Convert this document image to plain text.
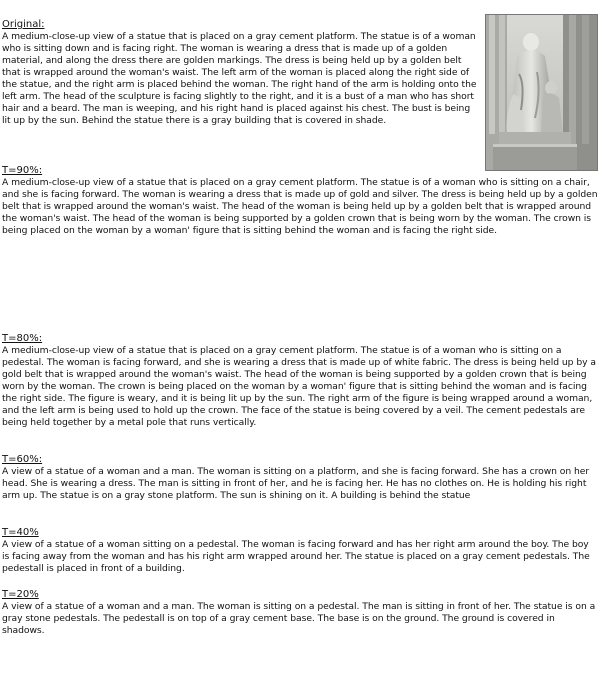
Original:

A medium-close-up view of a statue that is placed on a gray cement platform. The statue is of a woman who is sitting down and is facing right. The woman is wearing a dress that is made up of a golden material, and along the dress there are golden markings. The dress is being held up by a golden belt that is wrapped around the woman's waist. The left arm of the woman is placed along the right side of the statue, and the right arm is placed behind the woman. The right hand of the arm is holding onto the left arm. The head of the sculpture is facing slightly to the right, and it is a bust of a man who has short hair and a beard. The man is weeping, and his right hand is placed against his chest. The bust is being lit up by the sun. Behind the statue there is a gray building that is covered in shade.

T=90%:

A medium-close-up view of a statue that is placed on a gray cement platform. The statue is of a woman who is sitting on a chair, and she is facing forward. The woman is wearing a dress that is made up of gold and silver. The dress is being held up by a golden belt that is wrapped around the woman's waist. The head of the woman is being held up by a golden belt that is wrapped around the woman's waist. The head of the woman is being supported by a golden crown that is being worn by the woman. The crown is being placed on the woman by a woman' figure that is sitting behind the woman and is facing the right side.

T=80%:

A medium-close-up view of a statue that is placed on a gray cement platform. The statue is of a woman who is sitting on a pedestal. The woman is facing forward, and she is wearing a dress that is made up of white fabric. The dress is being held up by a gold belt that is wrapped around the woman's waist. The head of the woman is being supported by a golden crown that is being worn by the woman. The crown is being placed on the woman by a woman' figure that is sitting behind the woman and is facing the right side. The figure is weary, and it is being lit up by the sun. The right arm of the figure is being wrapped around a woman, and the left arm is being used to hold up the crown. The face of the statue is being covered by a veil. The cement pedestals are being held together by a metal pole that runs vertically.

T=60%:

A view of a statue of a woman and a man. The woman is sitting on a platform, and she is facing forward. She has a crown on her head. She is wearing a dress. The man is sitting in front of her, and he is facing her. He has no clothes on. He is holding his right arm up. The statue is on a gray stone platform. The sun is shining on it. A building is behind the statue

T=40%

A view of a statue of a woman sitting on a pedestal. The woman is facing forward and has her right arm around the boy. The boy is facing away from the woman and has his right arm wrapped around her. The statue is placed on a gray cement pedestals. The pedestall is placed in front of a building.

T=20%

A view of a statue of a woman and a man. The woman is sitting on a pedestal. The man is sitting in front of her. The statue is on a gray stone pedestals. The pedestall is on top of a gray cement base. The base is on the ground. The ground is covered in shadows.
